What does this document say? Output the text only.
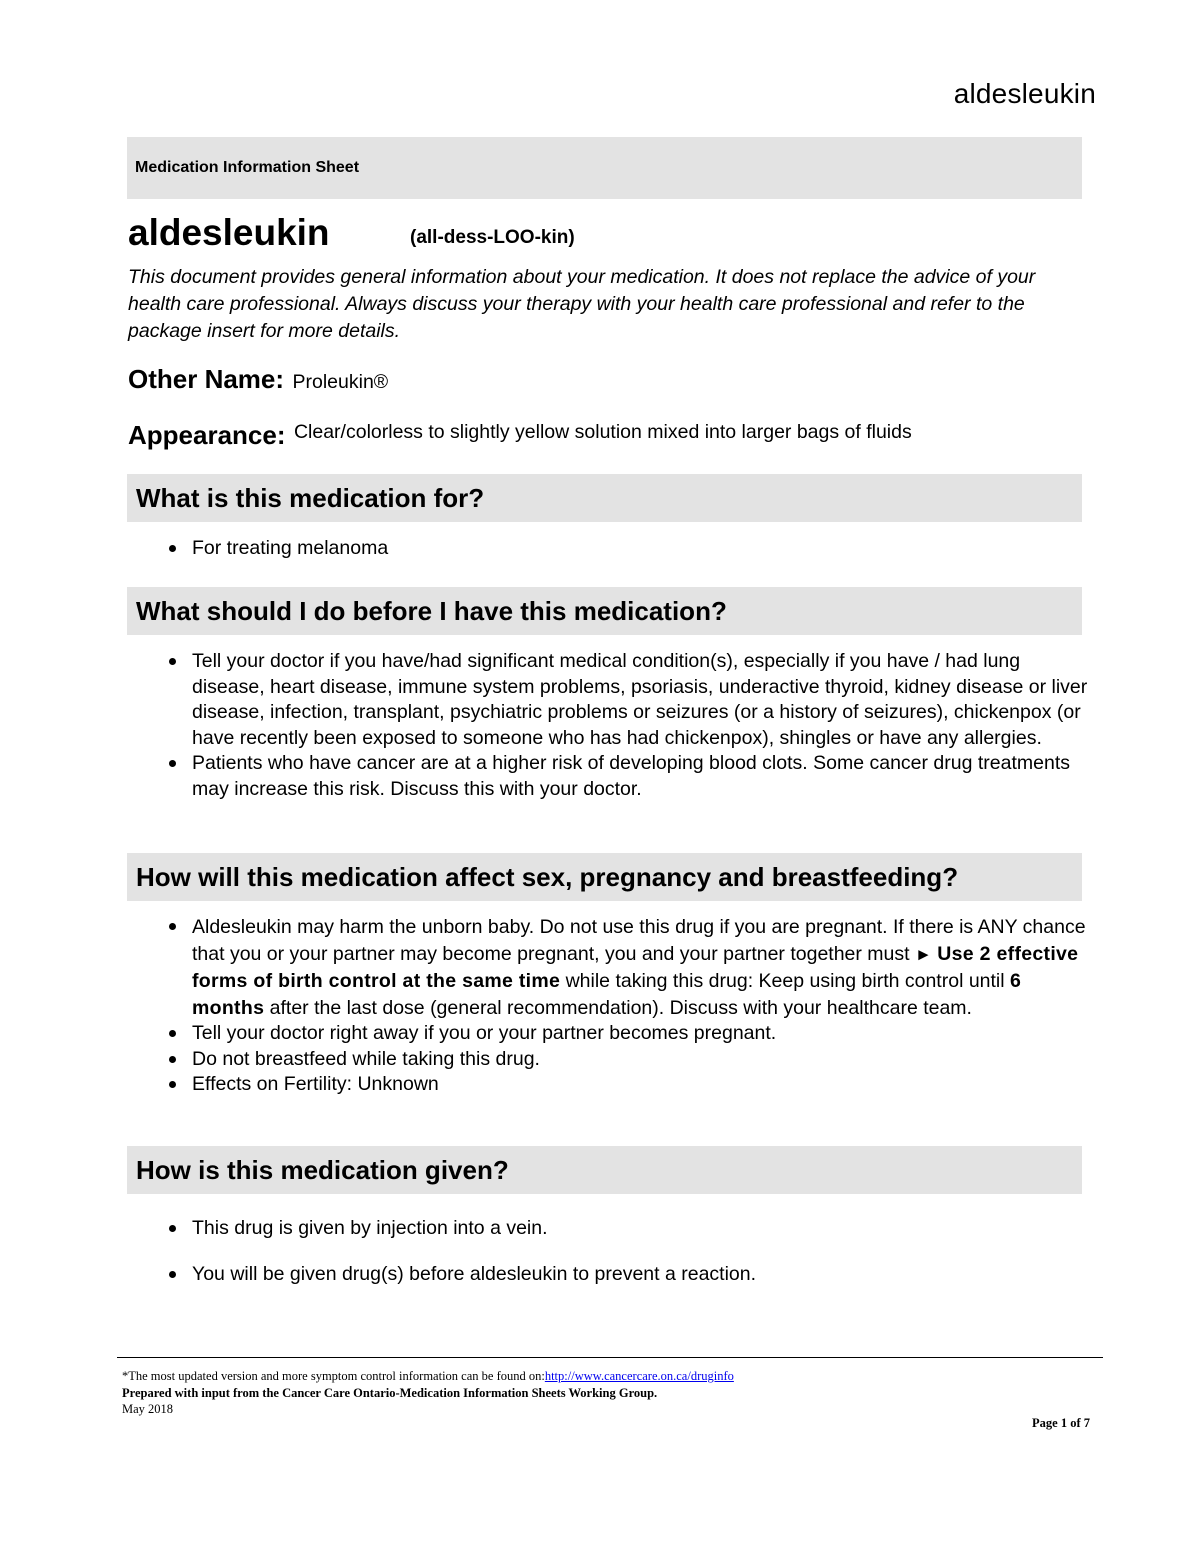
aldesleukin
Medication Information Sheet
aldesleukin	(all-dess-LOO-kin)
This document provides general information about your medication. It does not replace the advice of your health care professional. Always discuss your therapy with your health care professional and refer to the package insert for more details.
Other Name: Proleukin®
Appearance: Clear/colorless to slightly yellow solution mixed into larger bags of fluids
What is this medication for?
For treating melanoma
What should I do before I have this medication?
Tell your doctor if you have/had significant medical condition(s), especially if you have / had lung disease, heart disease, immune system problems, psoriasis, underactive thyroid, kidney disease or liver disease, infection, transplant, psychiatric problems or seizures (or a history of seizures), chickenpox (or have recently been exposed to someone who has had chickenpox), shingles or have any allergies.
Patients who have cancer are at a higher risk of developing blood clots. Some cancer drug treatments may increase this risk. Discuss this with your doctor.
How will this medication affect sex, pregnancy and breastfeeding?
Aldesleukin may harm the unborn baby. Do not use this drug if you are pregnant. If there is ANY chance that you or your partner may become pregnant, you and your partner together must ► Use 2 effective forms of birth control at the same time while taking this drug: Keep using birth control until 6 months after the last dose (general recommendation). Discuss with your healthcare team.
Tell your doctor right away if you or your partner becomes pregnant.
Do not breastfeed while taking this drug.
Effects on Fertility: Unknown
How is this medication given?
This drug is given by injection into a vein.
You will be given drug(s) before aldesleukin to prevent a reaction.
*The most updated version and more symptom control information can be found on:http://www.cancercare.on.ca/druginfo
Prepared with input from the Cancer Care Ontario-Medication Information Sheets Working Group.
May 2018
Page 1 of 7
